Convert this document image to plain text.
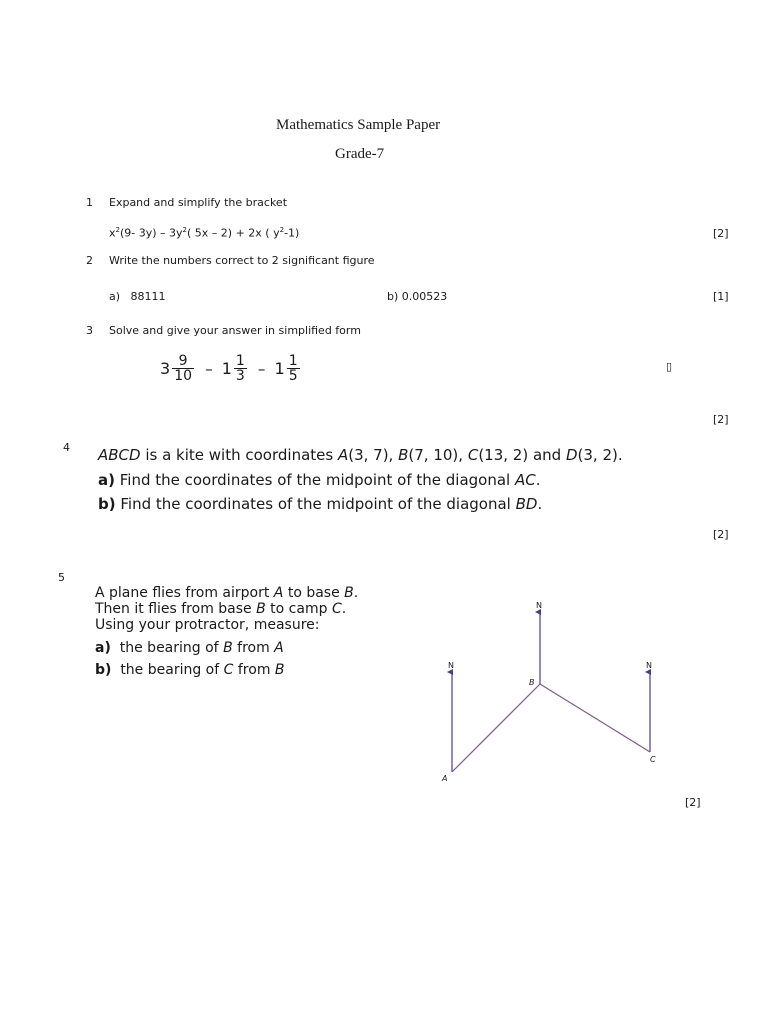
Mathematics Sample Paper
Grade-7
1 Expand and simplify the bracket
$x^2(9-$ $3y) - 3y^2$( 5x – 2) + 2x ( $y^2-1$)	[2]
2 Write the numbers correct to 2 significant figure
a)   88111	b) 0.00523	[1]
3 Solve and give your answer in simplified form
$3 \frac{9}{10} - 1 \frac{1}{3} - 1 \frac{1}{5}$	▯
[2]
4 ABCD is a kite with coordinates A(3, 7), B(7, 10), C(13, 2) and D(3, 2).
a) Find the coordinates of the midpoint of the diagonal AC.
b) Find the coordinates of the midpoint of the diagonal BD.
[2]
5
A plane flies from airport A to base B.
Then it flies from base B to camp C.
Using your protractor, measure:
a)  the bearing of B from A
b)  the bearing of C from B
N
N	N
B
A
C
[2]
